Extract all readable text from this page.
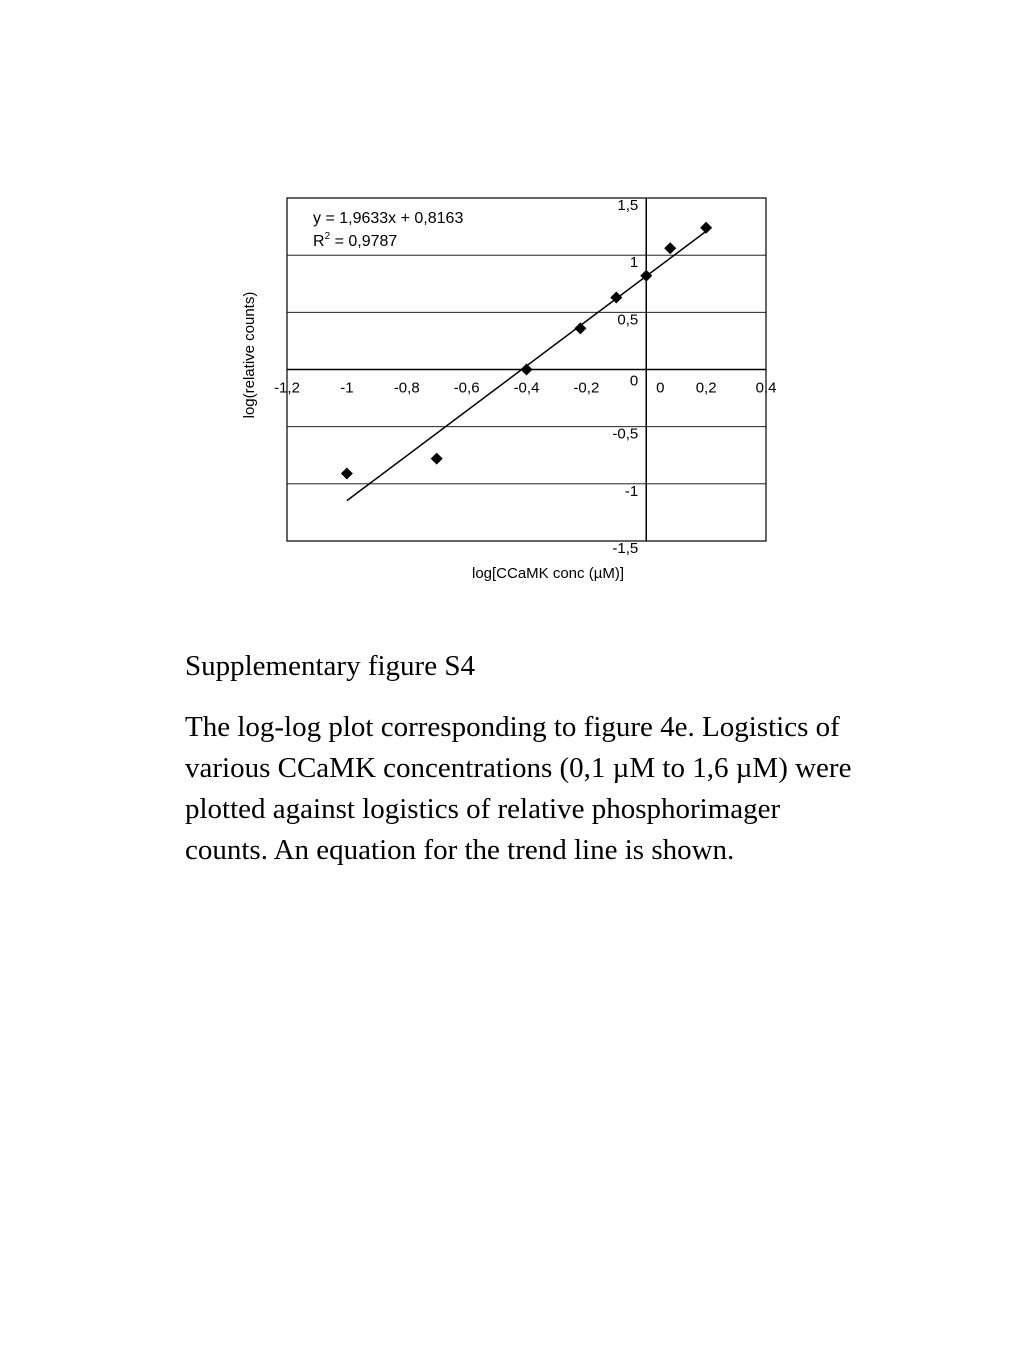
-1,2	-1	-0,8 -0,6 -0,4 -0,2	0 0,2	0,4
1,5
1
0,5
0
-0,5
-1
-1,5
y = 1,9633x + 0,8163
$R^2 = 0,9787$
log[CCaMK conc (µM)]
log(relative counts)

Supplementary figure S4

The log-log plot corresponding to figure 4e. Logistics of various CCaMK concentrations (0,1 µM to 1,6 µM) were plotted against logistics of relative phosphorimager counts. An equation for the trend line is shown.
